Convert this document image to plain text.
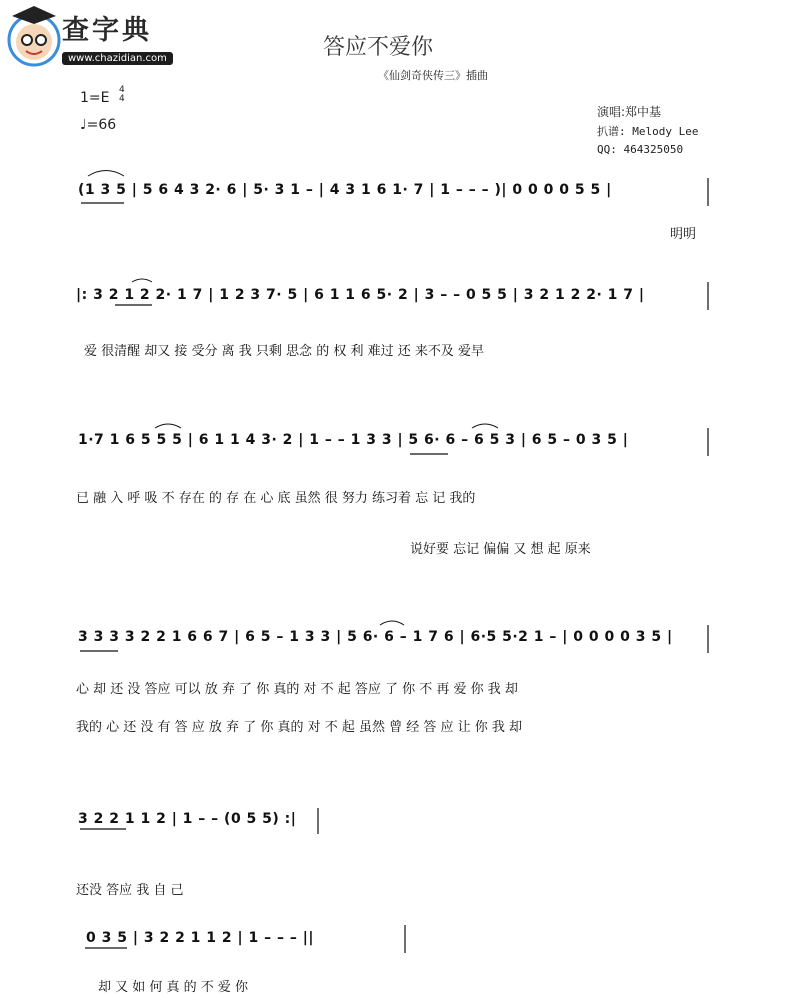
查字典
www.chazidian.com	答应不爱你
《仙剑奇侠传三》插曲
1=E 4
4
♩=66
演唱:郑中基
扒谱: Melody Lee
QQ: 464325050
(1 3 5 | 5 6 4 3 2· 6 | 5· 3 1 – | 4 3 1 6 1· 7 | 1 – – – )| 0 0 0 0 5 5 |
|: 3 2 1 2 2· 1 7 | 1 2 3 7· 5 | 6 1 1 6 5· 2 | 3 – – 0 5 5 | 3 2 1 2 2· 1 7 |
1·7 1 6 5 5 5 | 6 1 1 4 3· 2 | 1 – – 1 3 3 | 5 6· 6 – 6 5 3 | 6 5 – 0 3 5 |
3 3 3 3 2 2 1 6 6 7 | 6 5 – 1 3 3 | 5 6· 6 – 1 7 6 | 6·5 5·2 1 – | 0 0 0 0 3 5 |
3 2 2 1 1 2 | 1 – – (0 5 5) :|
0 3 5 | 3 2 2 1 1 2 | 1 – – – ||
明明
爱 很清醒 却又 接 受分 离 我 只剩 思念 的 权 利 难过 还 来不及 爱早
已 融 入 呼 吸 不 存在 的 存 在 心 底 虽然 很 努力 练习着 忘 记 我的
说好要 忘记 偏偏 又 想 起 原来
心 却 还 没 答应 可以 放 弃 了 你 真的 对 不 起 答应 了 你 不 再 爱 你 我 却
我的 心 还 没 有 答 应 放 弃 了 你 真的 对 不 起 虽然 曾 经 答 应 让 你 我 却
还没 答应 我 自 己
却 又 如 何 真 的 不 爱 你
